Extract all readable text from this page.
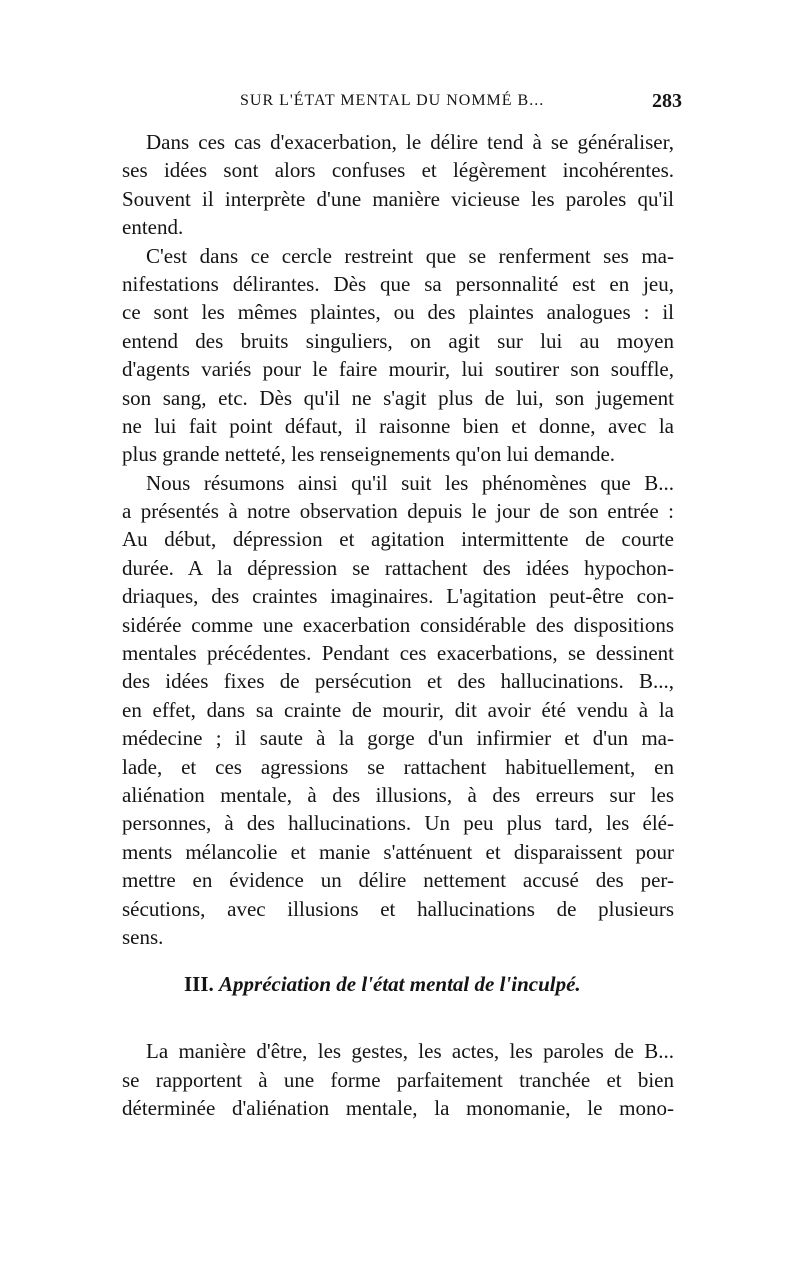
SUR L'ÉTAT MENTAL DU NOMMÉ B...	283
Dans ces cas d'exacerbation, le délire tend à se généraliser,
ses idées sont alors confuses et légèrement incohérentes.
Souvent il interprète d'une manière vicieuse les paroles qu'il
entend.
C'est dans ce cercle restreint que se renferment ses ma-
nifestations délirantes. Dès que sa personnalité est en jeu,
ce sont les mêmes plaintes, ou des plaintes analogues : il
entend des bruits singuliers, on agit sur lui au moyen
d'agents variés pour le faire mourir, lui soutirer son souffle,
son sang, etc. Dès qu'il ne s'agit plus de lui, son jugement
ne lui fait point défaut, il raisonne bien et donne, avec la
plus grande netteté, les renseignements qu'on lui demande.
Nous résumons ainsi qu'il suit les phénomènes que B...
a présentés à notre observation depuis le jour de son entrée :
Au début, dépression et agitation intermittente de courte
durée. A la dépression se rattachent des idées hypochon-
driaques, des craintes imaginaires. L'agitation peut-être con-
sidérée comme une exacerbation considérable des dispositions
mentales précédentes. Pendant ces exacerbations, se dessinent
des idées fixes de persécution et des hallucinations. B...,
en effet, dans sa crainte de mourir, dit avoir été vendu à la
médecine ; il saute à la gorge d'un infirmier et d'un ma-
lade, et ces agressions se rattachent habituellement, en
aliénation mentale, à des illusions, à des erreurs sur les
personnes, à des hallucinations. Un peu plus tard, les élé-
ments mélancolie et manie s'atténuent et disparaissent pour
mettre en évidence un délire nettement accusé des per-
sécutions, avec illusions et hallucinations de plusieurs
sens.
III. Appréciation de l'état mental de l'inculpé.
La manière d'être, les gestes, les actes, les paroles de B...
se rapportent à une forme parfaitement tranchée et bien
déterminée d'aliénation mentale, la monomanie, le mono-
